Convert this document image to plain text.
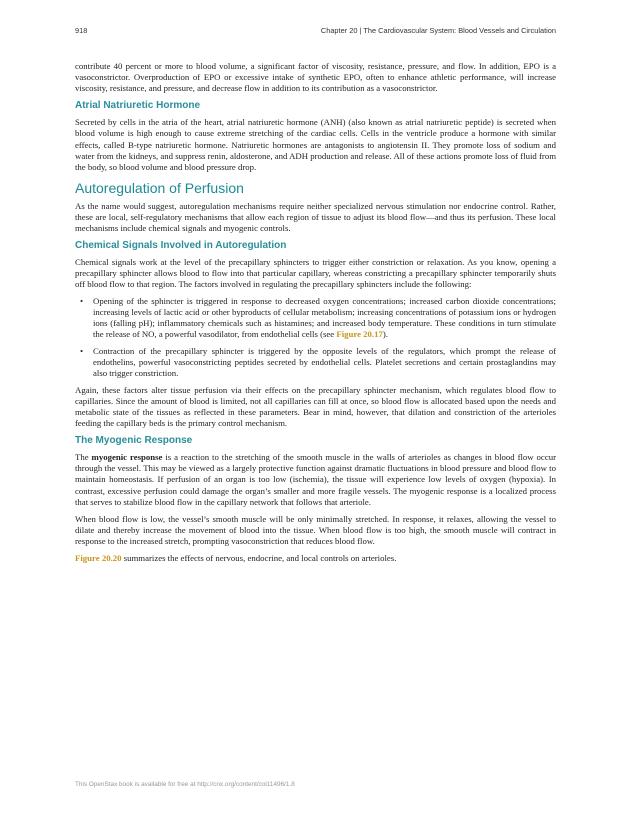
918	Chapter 20 | The Cardiovascular System: Blood Vessels and Circulation

contribute 40 percent or more to blood volume, a significant factor of viscosity, resistance, pressure, and flow. In addition, EPO is a vasoconstrictor. Overproduction of EPO or excessive intake of synthetic EPO, often to enhance athletic performance, will increase viscosity, resistance, and pressure, and decrease flow in addition to its contribution as a vasoconstrictor.

Atrial Natriuretic Hormone

Secreted by cells in the atria of the heart, atrial natriuretic hormone (ANH) (also known as atrial natriuretic peptide) is secreted when blood volume is high enough to cause extreme stretching of the cardiac cells. Cells in the ventricle produce a hormone with similar effects, called B-type natriuretic hormone. Natriuretic hormones are antagonists to angiotensin II. They promote loss of sodium and water from the kidneys, and suppress renin, aldosterone, and ADH production and release. All of these actions promote loss of fluid from the body, so blood volume and blood pressure drop.

Autoregulation of Perfusion

As the name would suggest, autoregulation mechanisms require neither specialized nervous stimulation nor endocrine control. Rather, these are local, self-regulatory mechanisms that allow each region of tissue to adjust its blood flow—and thus its perfusion. These local mechanisms include chemical signals and myogenic controls.

Chemical Signals Involved in Autoregulation

Chemical signals work at the level of the precapillary sphincters to trigger either constriction or relaxation. As you know, opening a precapillary sphincter allows blood to flow into that particular capillary, whereas constricting a precapillary sphincter temporarily shuts off blood flow to that region. The factors involved in regulating the precapillary sphincters include the following:

• Opening of the sphincter is triggered in response to decreased oxygen concentrations; increased carbon dioxide concentrations; increasing levels of lactic acid or other byproducts of cellular metabolism; increasing concentrations of potassium ions or hydrogen ions (falling pH); inflammatory chemicals such as histamines; and increased body temperature. These conditions in turn stimulate the release of NO, a powerful vasodilator, from endothelial cells (see Figure 20.17).
• Contraction of the precapillary sphincter is triggered by the opposite levels of the regulators, which prompt the release of endothelins, powerful vasoconstricting peptides secreted by endothelial cells. Platelet secretions and certain prostaglandins may also trigger constriction.

Again, these factors alter tissue perfusion via their effects on the precapillary sphincter mechanism, which regulates blood flow to capillaries. Since the amount of blood is limited, not all capillaries can fill at once, so blood flow is allocated based upon the needs and metabolic state of the tissues as reflected in these parameters. Bear in mind, however, that dilation and constriction of the arterioles feeding the capillary beds is the primary control mechanism.

The Myogenic Response

The myogenic response is a reaction to the stretching of the smooth muscle in the walls of arterioles as changes in blood flow occur through the vessel. This may be viewed as a largely protective function against dramatic fluctuations in blood pressure and blood flow to maintain homeostasis. If perfusion of an organ is too low (ischemia), the tissue will experience low levels of oxygen (hypoxia). In contrast, excessive perfusion could damage the organ’s smaller and more fragile vessels. The myogenic response is a localized process that serves to stabilize blood flow in the capillary network that follows that arteriole.

When blood flow is low, the vessel’s smooth muscle will be only minimally stretched. In response, it relaxes, allowing the vessel to dilate and thereby increase the movement of blood into the tissue. When blood flow is too high, the smooth muscle will contract in response to the increased stretch, prompting vasoconstriction that reduces blood flow.

Figure 20.20 summarizes the effects of nervous, endocrine, and local controls on arterioles.

This OpenStax book is available for free at http://cnx.org/content/col11496/1.8
